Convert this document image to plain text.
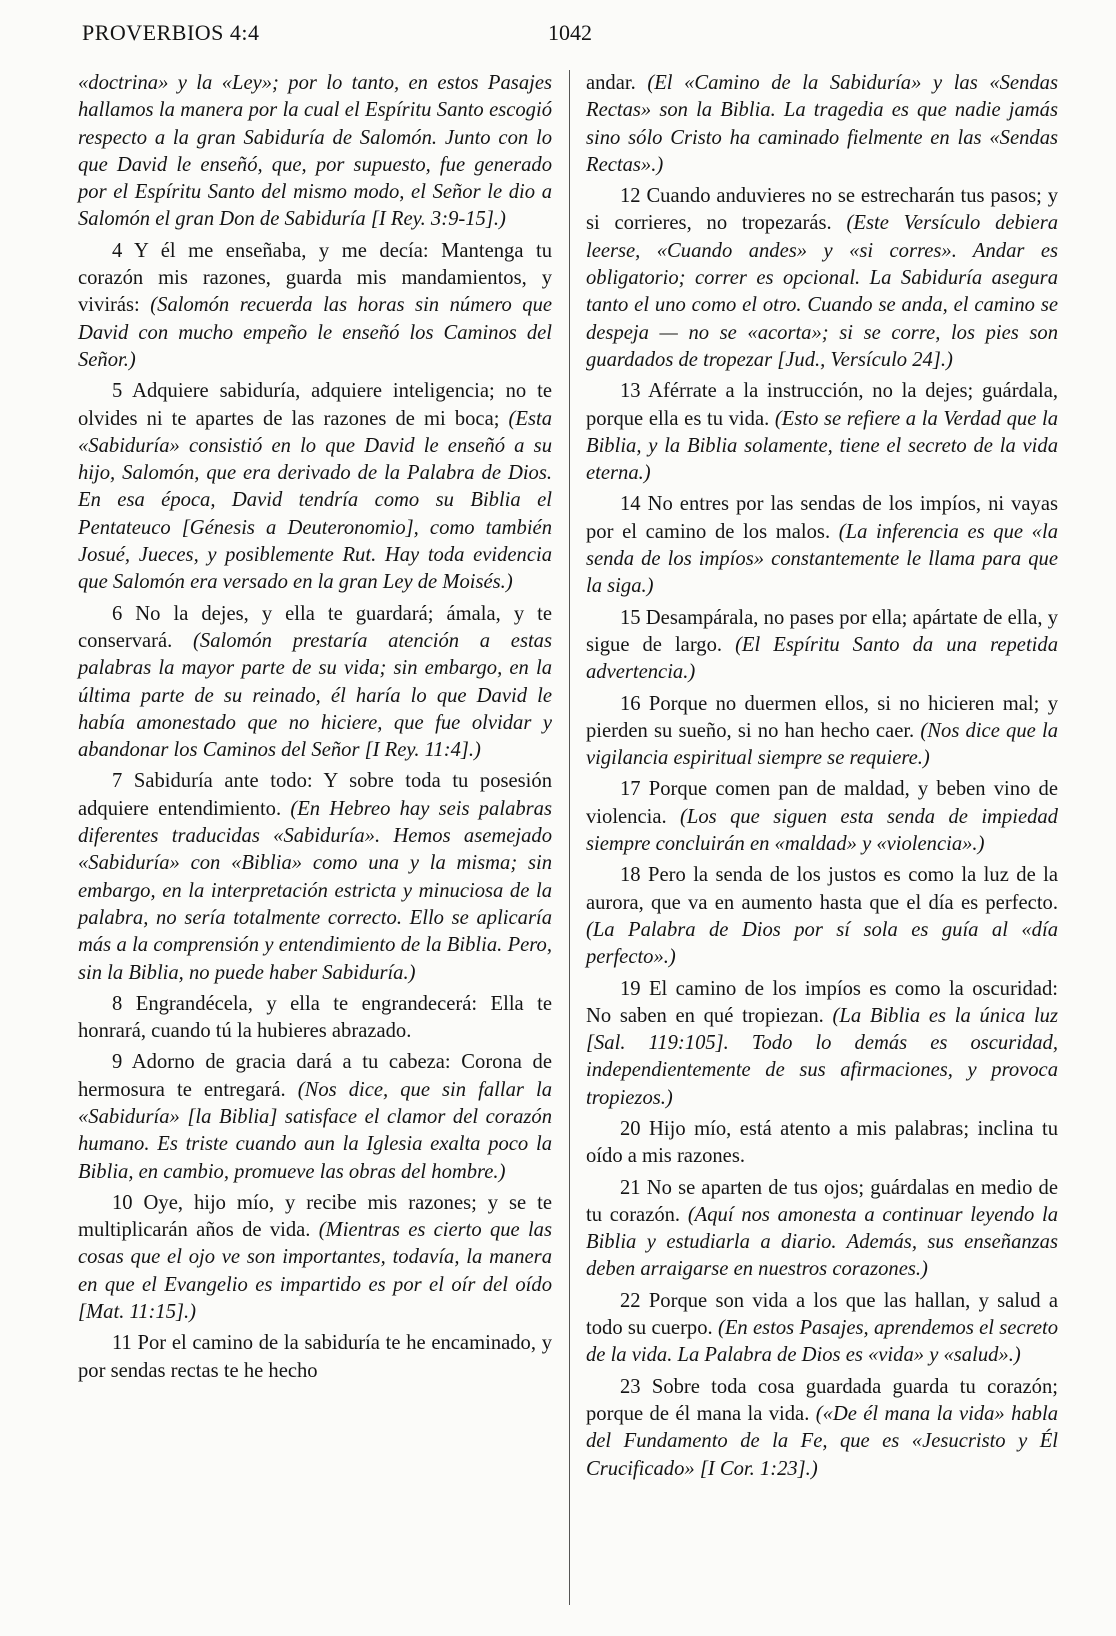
PROVERBIOS 4:4	1042

«doctrina» y la «Ley»; por lo tanto, en estos Pasajes hallamos la manera por la cual el Espíritu Santo escogió respecto a la gran Sabiduría de Salomón. Junto con lo que David le enseñó, que, por supuesto, fue generado por el Espíritu Santo del mismo modo, el Señor le dio a Salomón el gran Don de Sabiduría [I Rey. 3:9-15].)

4 Y él me enseñaba, y me decía: Mantenga tu corazón mis razones, guarda mis mandamientos, y vivirás: (Salomón recuerda las horas sin número que David con mucho empeño le enseñó los Caminos del Señor.)

5 Adquiere sabiduría, adquiere inteligencia; no te olvides ni te apartes de las razones de mi boca; (Esta «Sabiduría» consistió en lo que David le enseñó a su hijo, Salomón, que era derivado de la Palabra de Dios. En esa época, David tendría como su Biblia el Pentateuco [Génesis a Deuteronomio], como también Josué, Jueces, y posiblemente Rut. Hay toda evidencia que Salomón era versado en la gran Ley de Moisés.)

6 No la dejes, y ella te guardará; ámala, y te conservará. (Salomón prestaría atención a estas palabras la mayor parte de su vida; sin embargo, en la última parte de su reinado, él haría lo que David le había amonestado que no hiciere, que fue olvidar y abandonar los Caminos del Señor [I Rey. 11:4].)

7 Sabiduría ante todo: Y sobre toda tu posesión adquiere entendimiento. (En Hebreo hay seis palabras diferentes traducidas «Sabiduría». Hemos asemejado «Sabiduría» con «Biblia» como una y la misma; sin embargo, en la interpretación estricta y minuciosa de la palabra, no sería totalmente correcto. Ello se aplicaría más a la comprensión y entendimiento de la Biblia. Pero, sin la Biblia, no puede haber Sabiduría.)

8 Engrandécela, y ella te engrandecerá: Ella te honrará, cuando tú la hubieres abrazado.

9 Adorno de gracia dará a tu cabeza: Corona de hermosura te entregará. (Nos dice, que sin fallar la «Sabiduría» [la Biblia] satisface el clamor del corazón humano. Es triste cuando aun la Iglesia exalta poco la Biblia, en cambio, promueve las obras del hombre.)

10 Oye, hijo mío, y recibe mis razones; y se te multiplicarán años de vida. (Mientras es cierto que las cosas que el ojo ve son importantes, todavía, la manera en que el Evangelio es impartido es por el oír del oído [Mat. 11:15].)

11 Por el camino de la sabiduría te he encaminado, y por sendas rectas te he hecho

andar. (El «Camino de la Sabiduría» y las «Sendas Rectas» son la Biblia. La tragedia es que nadie jamás sino sólo Cristo ha caminado fielmente en las «Sendas Rectas».)

12 Cuando anduvieres no se estrecharán tus pasos; y si corrieres, no tropezarás. (Este Versículo debiera leerse, «Cuando andes» y «si corres». Andar es obligatorio; correr es opcional. La Sabiduría asegura tanto el uno como el otro. Cuando se anda, el camino se despeja — no se «acorta»; si se corre, los pies son guardados de tropezar [Jud., Versículo 24].)

13 Aférrate a la instrucción, no la dejes; guárdala, porque ella es tu vida. (Esto se refiere a la Verdad que la Biblia, y la Biblia solamente, tiene el secreto de la vida eterna.)

14 No entres por las sendas de los impíos, ni vayas por el camino de los malos. (La inferencia es que «la senda de los impíos» constantemente le llama para que la siga.)

15 Desampárala, no pases por ella; apártate de ella, y sigue de largo. (El Espíritu Santo da una repetida advertencia.)

16 Porque no duermen ellos, si no hicieren mal; y pierden su sueño, si no han hecho caer. (Nos dice que la vigilancia espiritual siempre se requiere.)

17 Porque comen pan de maldad, y beben vino de violencia. (Los que siguen esta senda de impiedad siempre concluirán en «maldad» y «violencia».)

18 Pero la senda de los justos es como la luz de la aurora, que va en aumento hasta que el día es perfecto. (La Palabra de Dios por sí sola es guía al «día perfecto».)

19 El camino de los impíos es como la oscuridad: No saben en qué tropiezan. (La Biblia es la única luz [Sal. 119:105]. Todo lo demás es oscuridad, independientemente de sus afirmaciones, y provoca tropiezos.)

20 Hijo mío, está atento a mis palabras; inclina tu oído a mis razones.

21 No se aparten de tus ojos; guárdalas en medio de tu corazón. (Aquí nos amonesta a continuar leyendo la Biblia y estudiarla a diario. Además, sus enseñanzas deben arraigarse en nuestros corazones.)

22 Porque son vida a los que las hallan, y salud a todo su cuerpo. (En estos Pasajes, aprendemos el secreto de la vida. La Palabra de Dios es «vida» y «salud».)

23 Sobre toda cosa guardada guarda tu corazón; porque de él mana la vida. («De él mana la vida» habla del Fundamento de la Fe, que es «Jesucristo y Él Crucificado» [I Cor. 1:23].)
